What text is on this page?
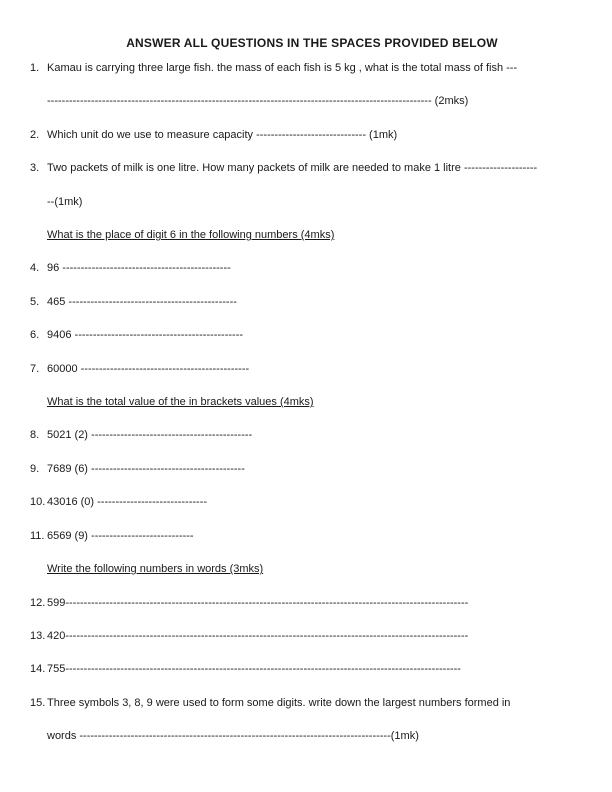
ANSWER ALL QUESTIONS IN THE SPACES PROVIDED BELOW
1. Kamau is carrying three large fish. the mass of each fish is 5 kg , what is the total mass of fish ---
--------------------------------------------------------------------------------------------------------- (2mks)
2. Which unit do we use to measure capacity ------------------------------ (1mk)
3. Two packets of milk is one litre. How many packets of milk are needed to make 1 litre --------------------
--(1mk)
What is the place of digit 6 in the following numbers (4mks)
4. 96 ----------------------------------------------
5. 465 ----------------------------------------------
6. 9406 ----------------------------------------------
7. 60000 ----------------------------------------------
What is the total value of the in brackets values (4mks)
8. 5021 (2) --------------------------------------------
9. 7689 (6) ------------------------------------------
10. 43016 (0) ------------------------------
11. 6569 (9) ----------------------------
Write the following numbers in words (3mks)
12. 599--------------------------------------------------------------------------------------------------------------
13. 420--------------------------------------------------------------------------------------------------------------
14. 755------------------------------------------------------------------------------------------------------------
15. Three symbols 3, 8, 9 were used to form some digits. write down the largest numbers formed in
words -------------------------------------------------------------------------------------(1mk)
